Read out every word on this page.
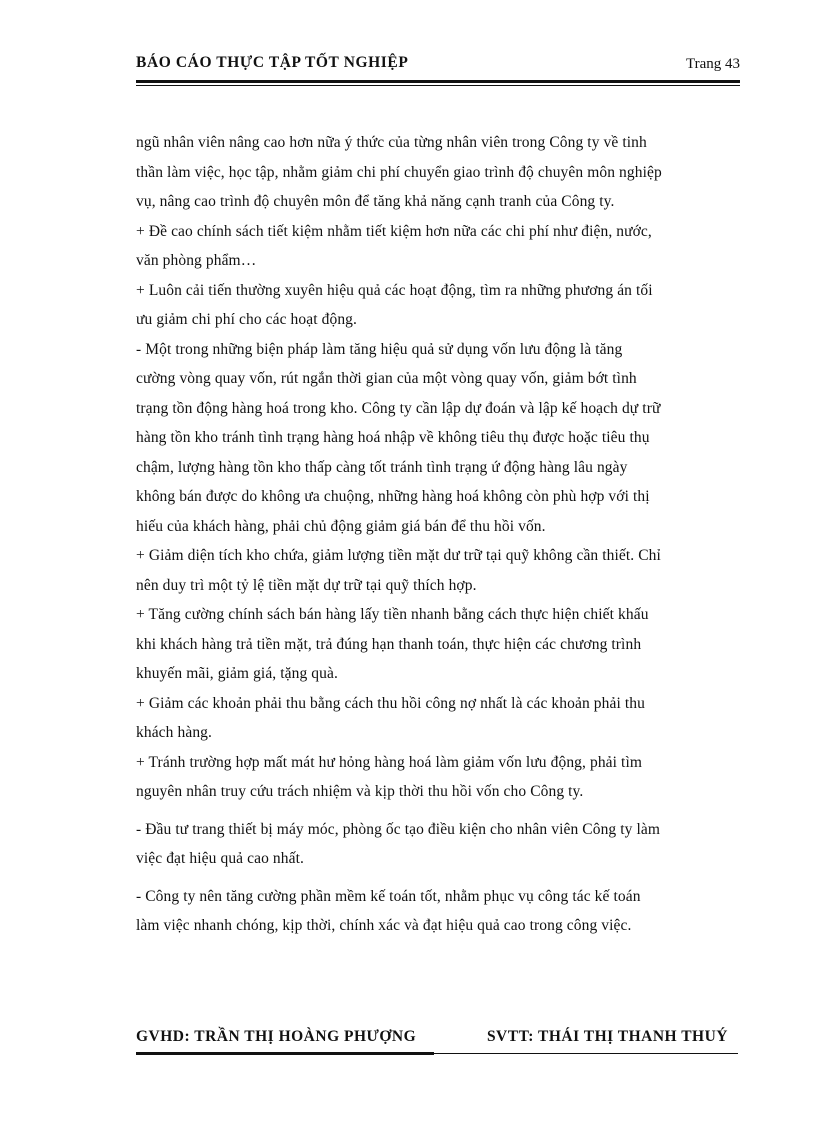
BÁO CÁO THỰC TẬP TỐT NGHIỆP	Trang 43
ngũ nhân viên nâng cao hơn nữa ý thức của từng nhân viên trong Công ty về tinh
thần làm việc, học tập, nhằm giảm chi phí chuyển giao trình độ chuyên môn nghiệp
vụ, nâng cao trình độ chuyên môn để tăng khả năng cạnh tranh của Công ty.
+ Đề cao chính sách tiết kiệm nhằm tiết kiệm hơn nữa các chi phí như điện, nước,
văn phòng phẩm…
+ Luôn cải tiến thường xuyên hiệu quả các hoạt động, tìm ra những phương án tối
ưu giảm chi phí cho các hoạt động.
- Một trong những biện pháp làm tăng hiệu quả sử dụng vốn lưu động là tăng
cường vòng quay vốn, rút ngắn thời gian của một vòng quay vốn, giảm bớt tình
trạng tồn động hàng hoá trong kho. Công ty cần lập dự đoán và lập kế hoạch dự trữ
hàng tồn kho tránh tình trạng hàng hoá nhập về không tiêu thụ được hoặc tiêu thụ
chậm, lượng hàng tồn kho thấp càng tốt tránh tình trạng ứ động hàng lâu ngày
không bán được do không ưa chuộng, những hàng hoá không còn phù hợp với thị
hiếu của khách hàng, phải chủ động giảm giá bán để thu hồi vốn.
+ Giảm diện tích kho chứa, giảm lượng tiền mặt dư trữ tại quỹ không cần thiết. Chỉ
nên duy trì một tỷ lệ tiền mặt dự trữ tại quỹ thích hợp.
+ Tăng cường chính sách bán hàng lấy tiền nhanh bằng cách thực hiện chiết khấu
khi khách hàng trả tiền mặt, trả đúng hạn thanh toán, thực hiện các chương trình
khuyến mãi, giảm giá, tặng quà.
+ Giảm các khoản phải thu bằng cách thu hồi công nợ nhất là các khoản phải thu
khách hàng.
+ Tránh trường hợp mất mát hư hỏng hàng hoá làm giảm vốn lưu động, phải tìm
nguyên nhân truy cứu trách nhiệm và kịp thời thu hồi vốn cho Công ty.
- Đầu tư trang thiết bị máy móc, phòng ốc tạo điều kiện cho nhân viên Công ty làm
việc đạt hiệu quả cao nhất.
- Công ty nên tăng cường phần mềm kế toán tốt, nhằm phục vụ công tác kế toán
làm việc nhanh chóng, kịp thời, chính xác và đạt hiệu quả cao trong công việc.
GVHD: TRẦN THỊ HOÀNG PHƯỢNG	SVTT: THÁI THỊ THANH THUÝ
